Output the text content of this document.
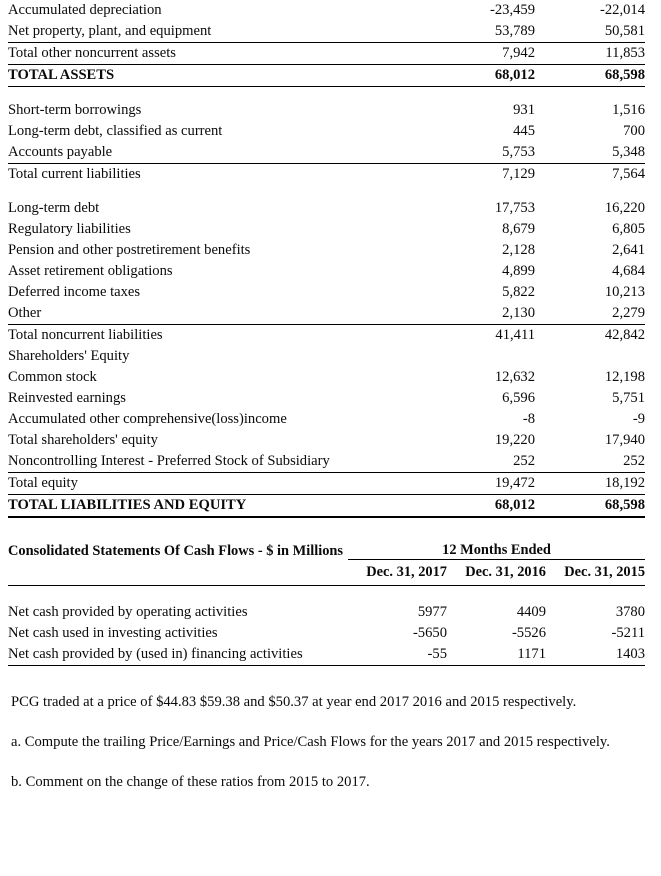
Accumulated depreciation	-23,459	-22,014
Net property, plant, and equipment	53,789	50,581
Total other noncurrent assets	7,942	11,853
TOTAL ASSETS	68,012	68,598

Short-term borrowings	931	1,516
Long-term debt, classified as current	445	700
Accounts payable	5,753	5,348
Total current liabilities	7,129	7,564

Long-term debt	17,753	16,220
Regulatory liabilities	8,679	6,805
Pension and other postretirement benefits	2,128	2,641
Asset retirement obligations	4,899	4,684
Deferred income taxes	5,822	10,213
Other	2,130	2,279
Total noncurrent liabilities	41,411	42,842
Shareholders' Equity		
Common stock	12,632	12,198
Reinvested earnings	6,596	5,751
Accumulated other comprehensive(loss)income	-8	-9
Total shareholders' equity	19,220	17,940
Noncontrolling Interest - Preferred Stock of Subsidiary	252	252
Total equity	19,472	18,192
TOTAL LIABILITIES AND EQUITY	68,012	68,598
Consolidated Statements Of Cash Flows - $ in Millions	12 Months Ended		
	Dec. 31, 2017	Dec. 31, 2016	Dec. 31, 2015

Net cash provided by operating activities	5977	4409	3780
Net cash used in investing activities	-5650	-5526	-5211
Net cash provided by (used in) financing activities	-55	1171	1403

PCG traded at a price of $44.83 $59.38 and $50.37 at year end 2017 2016 and 2015 respectively.

a. Compute the trailing Price/Earnings and Price/Cash Flows for the years 2017 and 2015 respectively.

b. Comment on the change of these ratios from 2015 to 2017.
